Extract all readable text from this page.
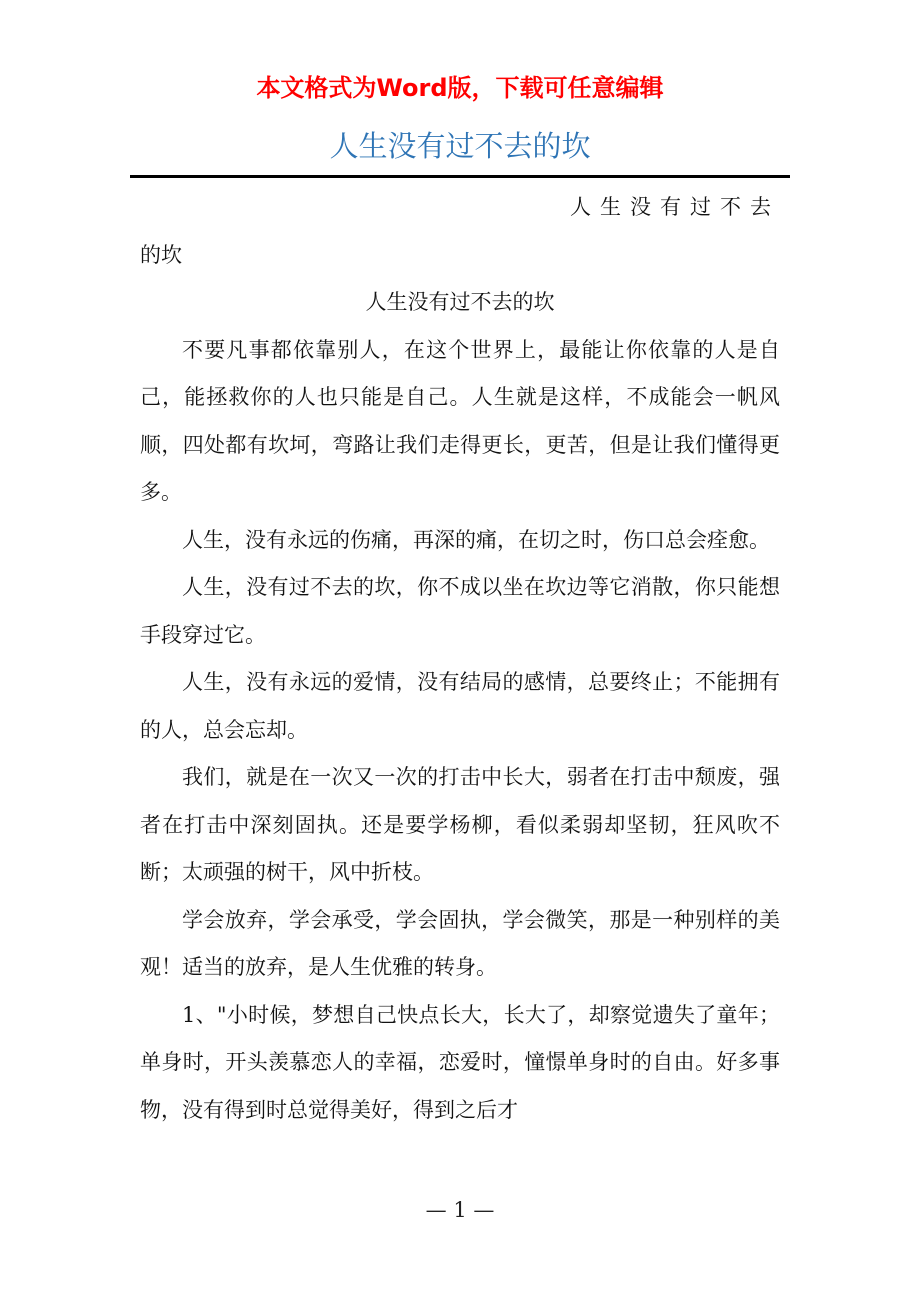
本文格式为Word版，下载可任意编辑
人生没有过不去的坎

人生没有过不去

的坎

人生没有过不去的坎

不要凡事都依靠别人，在这个世界上，最能让你依靠的人是自己，能拯救你的人也只能是自己。人生就是这样，不成能会一帆风顺，四处都有坎坷，弯路让我们走得更长，更苦，但是让我们懂得更多。

人生，没有永远的伤痛，再深的痛，在切之时，伤口总会痊愈。

人生，没有过不去的坎，你不成以坐在坎边等它消散，你只能想手段穿过它。

人生，没有永远的爱情，没有结局的感情，总要终止；不能拥有的人，总会忘却。

我们，就是在一次又一次的打击中长大，弱者在打击中颓废，强者在打击中深刻固执。还是要学杨柳，看似柔弱却坚韧，狂风吹不断；太顽强的树干，风中折枝。

学会放弃，学会承受，学会固执，学会微笑，那是一种别样的美观！适当的放弃，是人生优雅的转身。

1、"小时候，梦想自己快点长大，长大了，却察觉遗失了童年；单身时，开头羡慕恋人的幸福，恋爱时，憧憬单身时的自由。好多事物，没有得到时总觉得美好，得到之后才

— 1 —
